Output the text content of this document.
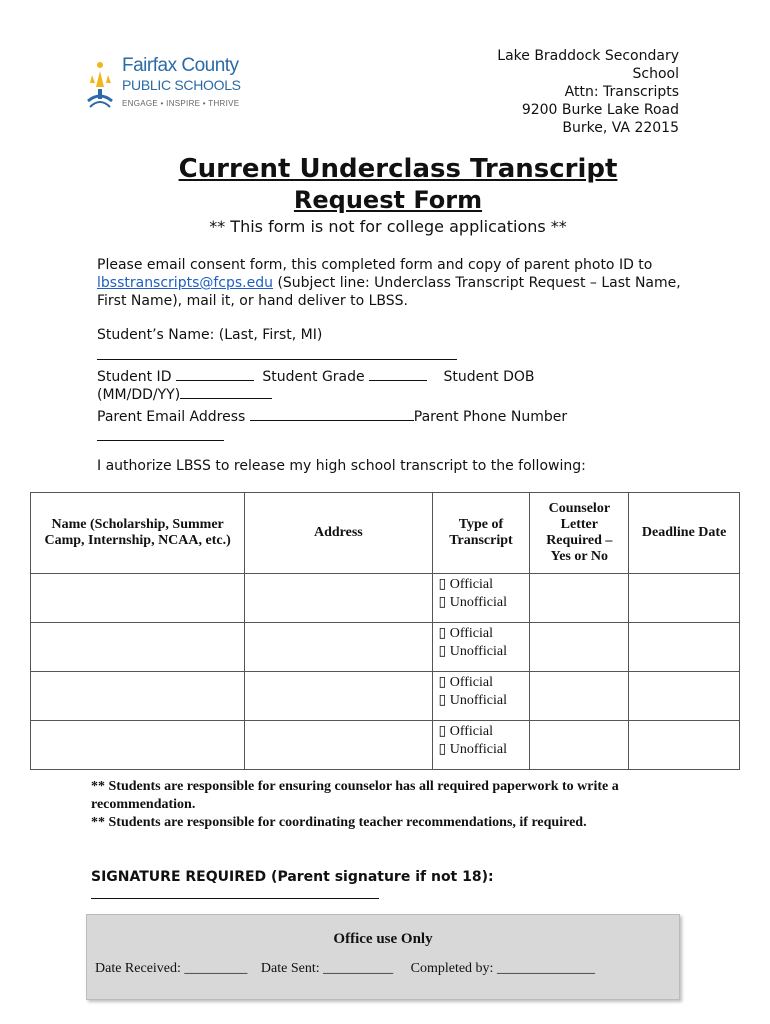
Fairfax County
PUBLIC SCHOOLS
ENGAGE • INSPIRE • THRIVE
Lake Braddock Secondary
School
Attn: Transcripts
9200 Burke Lake Road
Burke, VA 22015
Current Underclass Transcript
Request Form
** This form is not for college applications **
Please email consent form, this completed form and copy of parent photo ID to lbsstranscripts@fcps.edu (Subject line: Underclass Transcript Request – Last Name, First Name), mail it, or hand deliver to LBSS.
Student’s Name: (Last, First, MI)
Student ID	Student Grade	Student DOB
(MM/DD/YY)
Parent Email Address	Parent Phone Number
I authorize LBSS to release my high school transcript to the following:
Name (Scholarship, Summer Camp, Internship, NCAA, etc.)	Address	Type of Transcript	Counselor Letter Required – Yes or No	Deadline Date

		▯ Official
▯ Unofficial		

		▯ Official
▯ Unofficial		

		▯ Official
▯ Unofficial		

		▯ Official
▯ Unofficial		

** Students are responsible for ensuring counselor has all required paperwork to write a recommendation.
** Students are responsible for coordinating teacher recommendations, if required.
SIGNATURE REQUIRED (Parent signature if not 18):
Office use Only
Date Received: _________ Date Sent: __________ Completed by: ______________
